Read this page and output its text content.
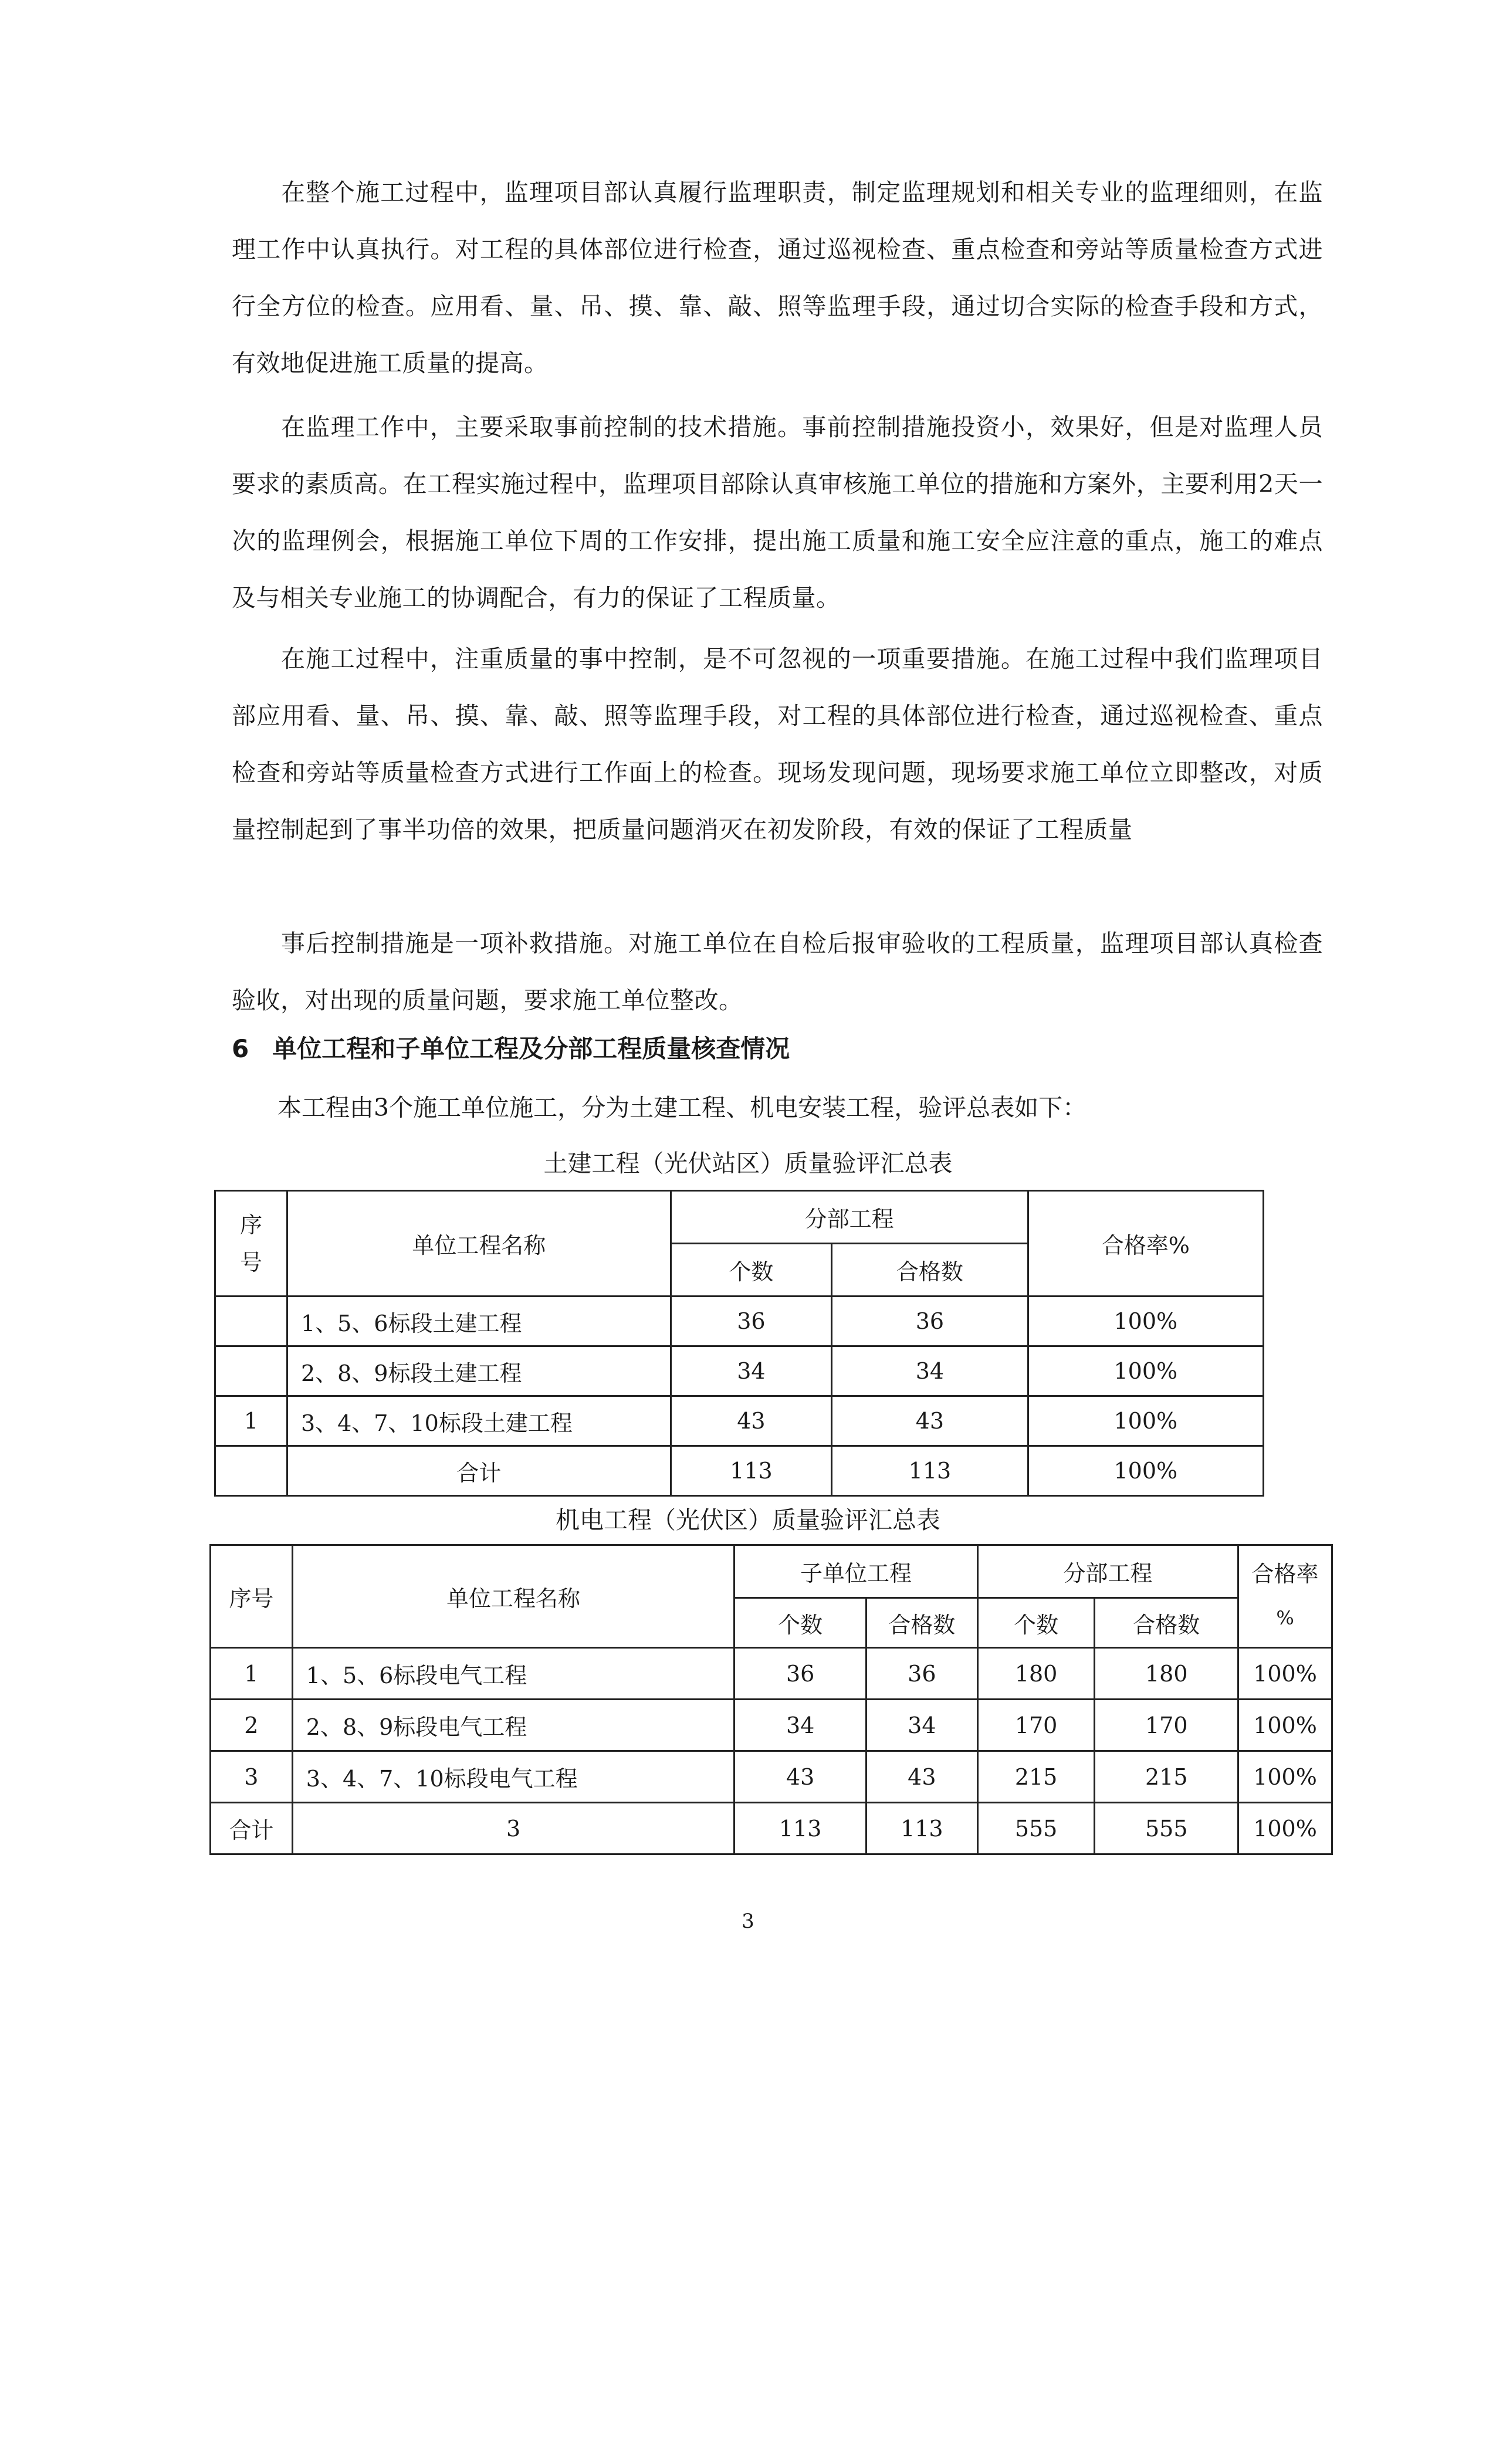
在整个施工过程中，监理项目部认真履行监理职责，制定监理规划和相关专业的监理细则，在监理工作中认真执行。对工程的具体部位进行检查，通过巡视检查、重点检查和旁站等质量检查方式进行全方位的检查。应用看、量、吊、摸、靠、敲、照等监理手段，通过切合实际的检查手段和方式，有效地促进施工质量的提高。

在监理工作中，主要采取事前控制的技术措施。事前控制措施投资小，效果好，但是对监理人员要求的素质高。在工程实施过程中，监理项目部除认真审核施工单位的措施和方案外，主要利用2天一次的监理例会，根据施工单位下周的工作安排，提出施工质量和施工安全应注意的重点，施工的难点及与相关专业施工的协调配合，有力的保证了工程质量。

在施工过程中，注重质量的事中控制，是不可忽视的一项重要措施。在施工过程中我们监理项目部应用看、量、吊、摸、靠、敲、照等监理手段，对工程的具体部位进行检查，通过巡视检查、重点检查和旁站等质量检查方式进行工作面上的检查。现场发现问题，现场要求施工单位立即整改，对质量控制起到了事半功倍的效果，把质量问题消灭在初发阶段，有效的保证了工程质量

事后控制措施是一项补救措施。对施工单位在自检后报审验收的工程质量，监理项目部认真检查验收，对出现的质量问题，要求施工单位整改。

6 单位工程和子单位工程及分部工程质量核查情况

本工程由3个施工单位施工，分为土建工程、机电安装工程，验评总表如下：

土建工程（光伏站区）质量验评汇总表

序号	单位工程名称	分部工程		合格率%
		个数	合格数	
	1、5、6标段土建工程	36	36	100%
	2、8、9标段土建工程	34	34	100%
1	3、4、7、10标段土建工程	43	43	100%
	合计	113	113	100%

机电工程（光伏区）质量验评汇总表

序号	单位工程名称	子单位工程		分部工程		合格率
%

		个数	合格数	个数	合格数	
1	1、5、6标段电气工程	36	36	180	180	100%
2	2、8、9标段电气工程	34	34	170	170	100%
3	3、4、7、10标段电气工程	43	43	215	215	100%
合计	3	113	113	555	555	100%

3
